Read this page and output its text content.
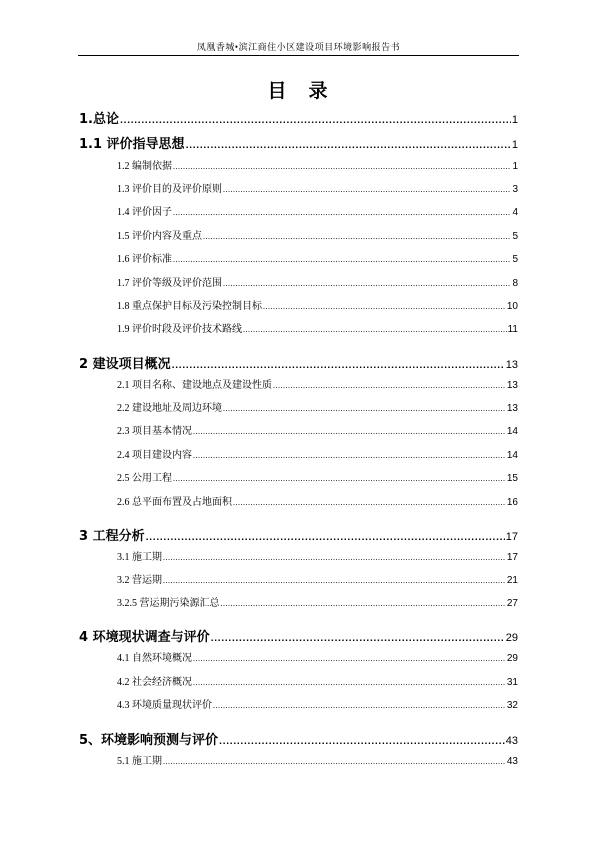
凤凰香城•滨江商住小区建设项目环境影响报告书
目录
1.总论 .....	1
1.1 评价指导思想 .....	1
1.2 编制依据 .....	1
1.3 评价目的及评价原则 .....	3
1.4 评价因子 .....	4
1.5 评价内容及重点 .....	5
1.6 评价标准 .....	5
1.7 评价等级及评价范围 .....	8
1.8 重点保护目标及污染控制目标 .....	10
1.9 评价时段及评价技术路线 .....	11
2 建设项目概况 .....	13
2.1 项目名称、建设地点及建设性质 .....	13
2.2 建设地址及周边环境 .....	13
2.3 项目基本情况 .....	14
2.4 项目建设内容 .....	14
2.5 公用工程 .....	15
2.6 总平面布置及占地面积 .....	16
3 工程分析 .....	17
3.1 施工期 .....	17
3.2 营运期 .....	21
3.2.5 营运期污染源汇总 .....	27
4 环境现状调查与评价 .....	29
4.1 自然环境概况 .....	29
4.2 社会经济概况 .....	31
4.3 环境质量现状评价 .....	32
5、环境影响预测与评价 .....	43
5.1 施工期 .....	43
